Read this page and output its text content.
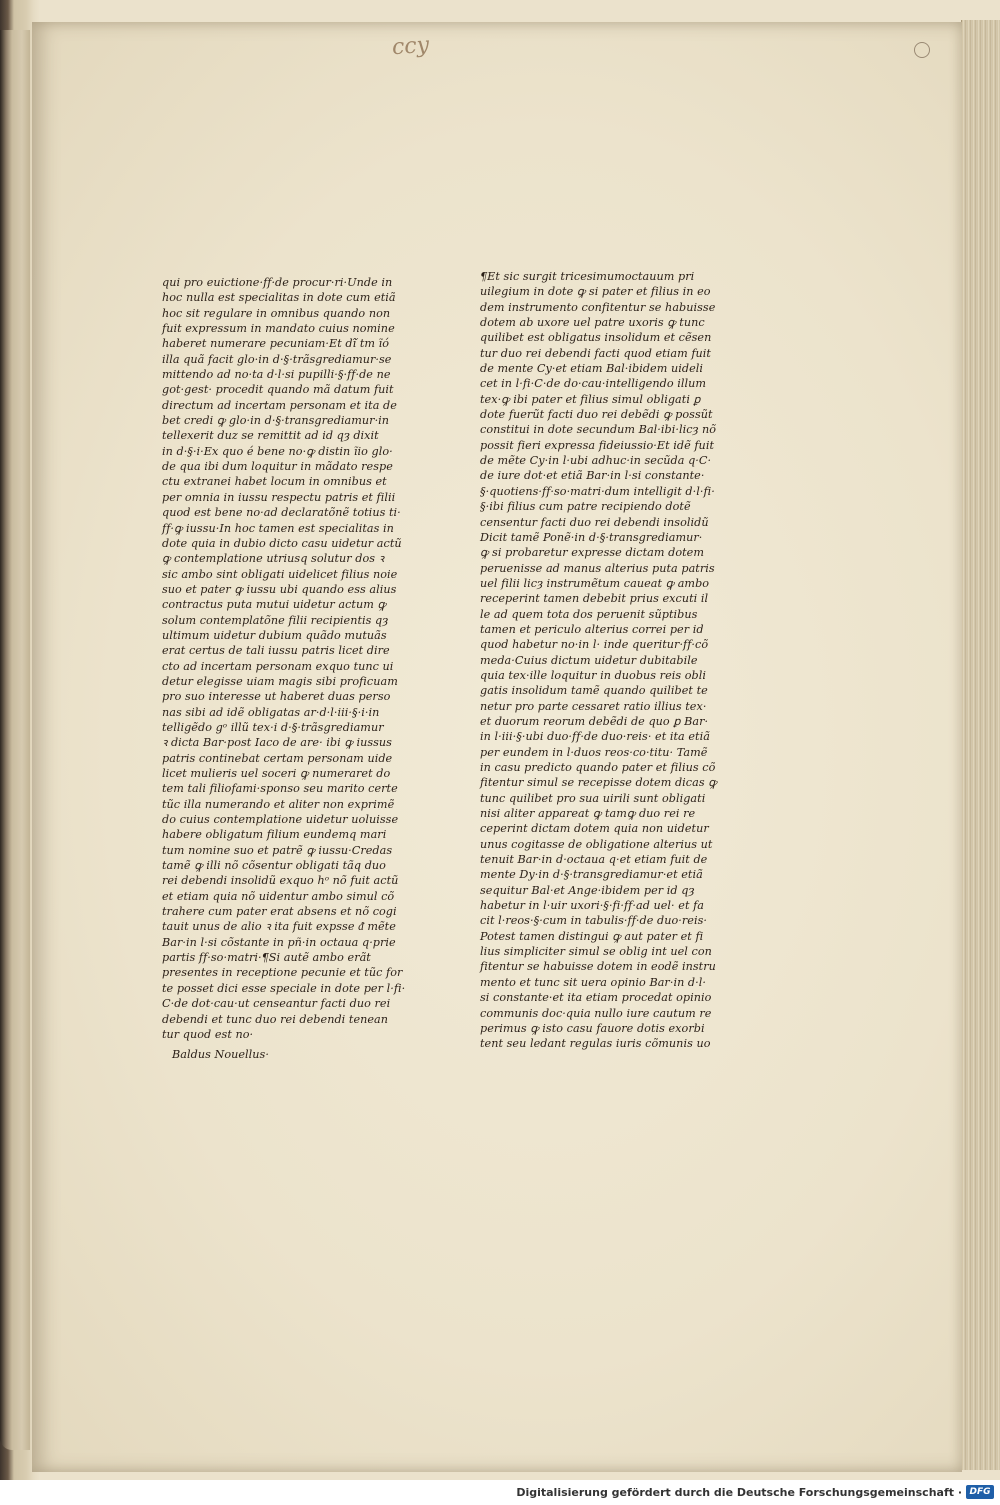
ccy
qui pro euictione·ff·de procur·ri·Unde in
hoc nulla est specialitas in dote cum etiã
hoc sit regulare in omnibus quando non
fuit expressum in mandato cuius nomine
haberet numerare pecuniam·Et di᷉ tm ĩó
illa quã facit glo·in d·§·trãsgrediamur·se
mittendo ad no·ta d·l·si pupilli·§·ff·de ne
got·gest· procedit quando mã datum fuit
directum ad incertam personam et ita de
bet credi ꝙ glo·in d·§·transgrediamur·in
tellexerit duz se remittit ad id qȝ dixit
in d·§·i·Ex quo é bene no·ꝙ distin ĩio glo·
de qua ibi dum loquitur in mãdato respe
ctu extranei habet locum in omnibus et
per omnia in iussu respectu patris et filii
quod est bene no·ad declaratõnẽ totius ti·
ff·ꝙ iussu·In hoc tamen est specialitas in
dote quia in dubio dicto casu uidetur actũ
ꝙ contemplatione utriusq solutur dos ꝛ
sic ambo sint obligati uidelicet filius noie
suo et pater ꝙ iussu ubi quando ess alius
contractus puta mutui uidetur actum ꝙ
solum contemplatõne filii recipientis qȝ
ultimum uidetur dubium quãdo mutuãs
erat certus de tali iussu patris licet dire
cto ad incertam personam exquo tunc ui
detur elegisse uiam magis sibi proficuam
pro suo interesse ut haberet duas perso
nas sibi ad idẽ obligatas ar·d·l·iii·§·i·in
telligẽdo gᵒ illũ tex·i d·§·trãsgrediamur
ꝛ dicta Bar·post Iaco de are· ibi ꝙ iussus
patris continebat certam personam uide
licet mulieris uel soceri ꝙ numeraret do
tem tali filiofami·sponso seu marito certe
tũc illa numerando et aliter non exprimẽ
do cuius contemplatione uidetur uoluisse
habere obligatum filium eundemq mari
tum nomine suo et patrẽ ꝙ iussu·Credas
tamẽ ꝙ illi nõ cõsentur obligati tãq duo
rei debendi insolidũ exquo hᵒ nõ fuit actũ
et etiam quia nõ uidentur ambo simul cõ
trahere cum pater erat absens et nõ cogi
tauit unus de alio ꝛ ita fuit expsse ᵭ mẽte
Bar·in l·si cõstante in pñ·in octaua q·prie
partis ff·so·matri·¶Si autẽ ambo erãt
presentes in receptione pecunie et tũc for
te posset dici esse speciale in dote per l·fi·
C·de dot·cau·ut censeantur facti duo rei
debendi et tunc duo rei debendi tenean
tur quod est no·
Baldus Nouellus·
¶Et sic surgit tricesimumoctauum pri
uilegium in dote ꝙ si pater et filius in eo
dem instrumento confitentur se habuisse
dotem ab uxore uel patre uxoris ꝙ tunc
quilibet est obligatus insolidum et cẽsen
tur duo rei debendi facti quod etiam fuit
de mente Cy·et etiam Bal·ibidem uideli
cet in l·fi·C·de do·cau·intelligendo illum
tex·ꝙ ibi pater et filius simul obligati ꝑ
dote fuerũt facti duo rei debẽdi ꝙ possũt
constitui in dote secundum Bal·ibi·licȝ nõ
possit fieri expressa fideiussio·Et idẽ fuit
de mẽte Cy·in l·ubi adhuc·in secũda q·C·
de iure dot·et etiã Bar·in l·si constante·
§·quotiens·ff·so·matri·dum intelligit d·l·fi·
§·ibi filius cum patre recipiendo dotẽ
censentur facti duo rei debendi insolidũ
Dicit tamẽ Ponẽ·in d·§·transgrediamur·
ꝙ si probaretur expresse dictam dotem
peruenisse ad manus alterius puta patris
uel filii licȝ instrumẽtum caueat ꝙ ambo
receperint tamen debebit prius excuti il
le ad quem tota dos peruenit sũptibus
tamen et periculo alterius correi per id
quod habetur no·in l· inde queritur·ff·cõ
meda·Cuius dictum uidetur dubitabile
quia tex·ille loquitur in duobus reis obli
gatis insolidum tamẽ quando quilibet te
netur pro parte cessaret ratio illius tex·
et duorum reorum debẽdi de quo ꝑ Bar·
in l·iii·§·ubi duo·ff·de duo·reis· et ita etiã
per eundem in l·duos reos·co·titu· Tamẽ
in casu predicto quando pater et filius cõ
fitentur simul se recepisse dotem dicas ꝙ
tunc quilibet pro sua uirili sunt obligati
nisi aliter appareat ꝙ tamꝙ duo rei re
ceperint dictam dotem quia non uidetur
unus cogitasse de obligatione alterius ut
tenuit Bar·in d·octaua q·et etiam fuit de
mente Dy·in d·§·transgrediamur·et etiã
sequitur Bal·et Ange·ibidem per id qȝ
habetur in l·uir uxori·§·fi·ff·ad uel· et fa
cit l·reos·§·cum in tabulis·ff·de duo·reis·
Potest tamen distingui ꝙ aut pater et fi
lius simpliciter simul se oblig int uel con
fitentur se habuisse dotem in eodẽ instru
mento et tunc sit uera opinio Bar·in d·l·
si constante·et ita etiam procedat opinio
communis doc·quia nullo iure cautum re
perimus ꝙ isto casu fauore dotis exorbi
tent seu ledant regulas iuris cõmunis uo
Digitalisierung gefördert durch die Deutsche Forschungsgemeinschaft · DFG
